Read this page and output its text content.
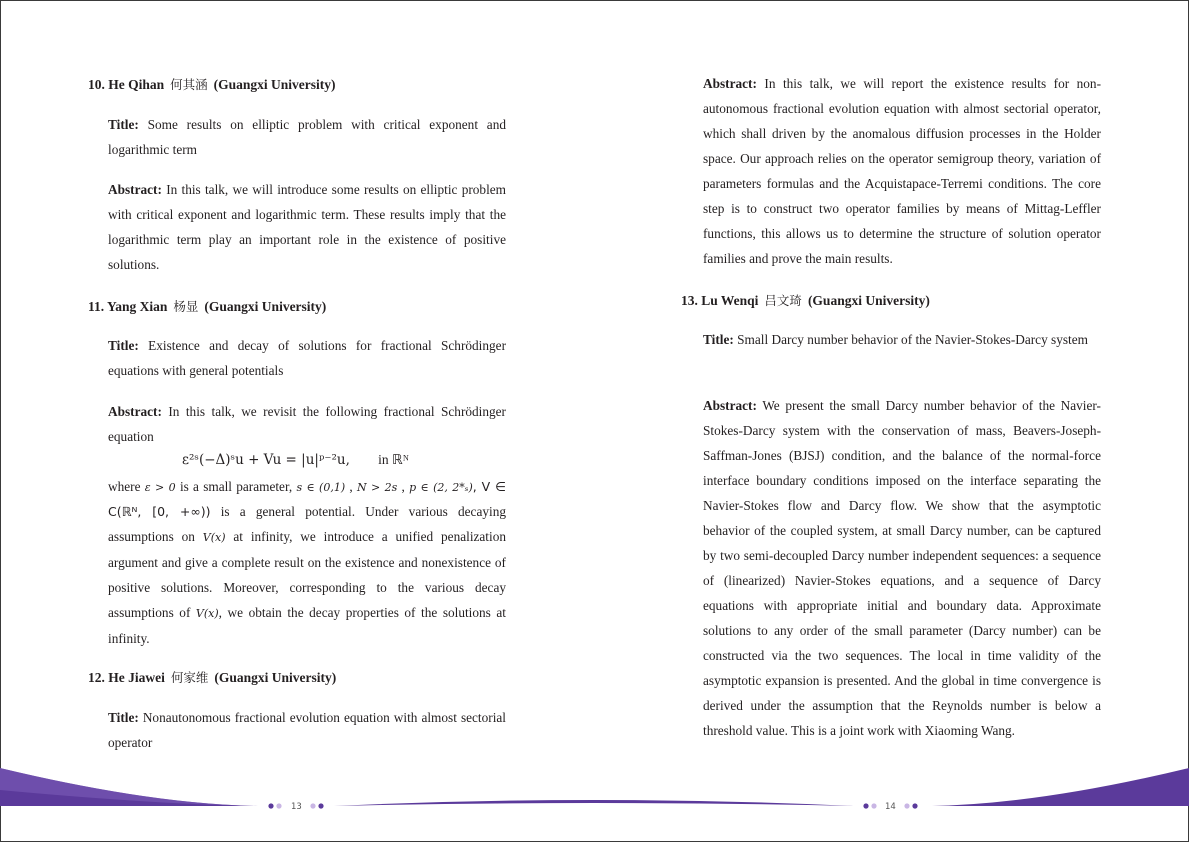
10. He Qihan 何其涵 (Guangxi University)
Title: Some results on elliptic problem with critical exponent and logarithmic term
Abstract: In this talk, we will introduce some results on elliptic problem with critical exponent and logarithmic term. These results imply that the logarithmic term play an important role in the existence of positive solutions.
11. Yang Xian 杨显 (Guangxi University)
Title: Existence and decay of solutions for fractional Schrödinger equations with general potentials
Abstract: In this talk, we revisit the following fractional Schrödinger equation
ε²ˢ(−Δ)ˢu + Vu = |u|ᵖ⁻²u, in ℝᴺ
where ε > 0 is a small parameter, s ∈ (0,1) , N > 2s , p ∈ (2, 2*ₛ), V ∈
C(ℝᴺ, [0, +∞)) is a general potential. Under various decaying assumptions on V(x) at infinity, we introduce a unified penalization argument and give a complete result on the existence and nonexistence of positive solutions. Moreover, corresponding to the various decay assumptions of V(x), we obtain the decay properties of the solutions at infinity.
12. He Jiawei 何家维 (Guangxi University)
Title: Nonautonomous fractional evolution equation with almost sectorial operator
Abstract: In this talk, we will report the existence results for non-autonomous fractional evolution equation with almost sectorial operator, which shall driven by the anomalous diffusion processes in the Holder space. Our approach relies on the operator semigroup theory, variation of parameters formulas and the Acquistapace-Terremi conditions. The core step is to construct two operator families by means of Mittag-Leffler functions, this allows us to determine the structure of solution operator families and prove the main results.
13. Lu Wenqi 吕文琦 (Guangxi University)
Title: Small Darcy number behavior of the Navier-Stokes-Darcy system
Abstract: We present the small Darcy number behavior of the Navier-Stokes-Darcy system with the conservation of mass, Beavers-Joseph-Saffman-Jones (BJSJ) condition, and the balance of the normal-force interface boundary conditions imposed on the interface separating the Navier-Stokes flow and Darcy flow. We show that the asymptotic behavior of the coupled system, at small Darcy number, can be captured by two semi-decoupled Darcy number independent sequences: a sequence of (linearized) Navier-Stokes equations, and a sequence of Darcy equations with appropriate initial and boundary data. Approximate solutions to any order of the small parameter (Darcy number) can be constructed via the two sequences. The local in time validity of the asymptotic expansion is presented. And the global in time convergence is derived under the assumption that the Reynolds number is below a threshold value. This is a joint work with Xiaoming Wang.
13	14
